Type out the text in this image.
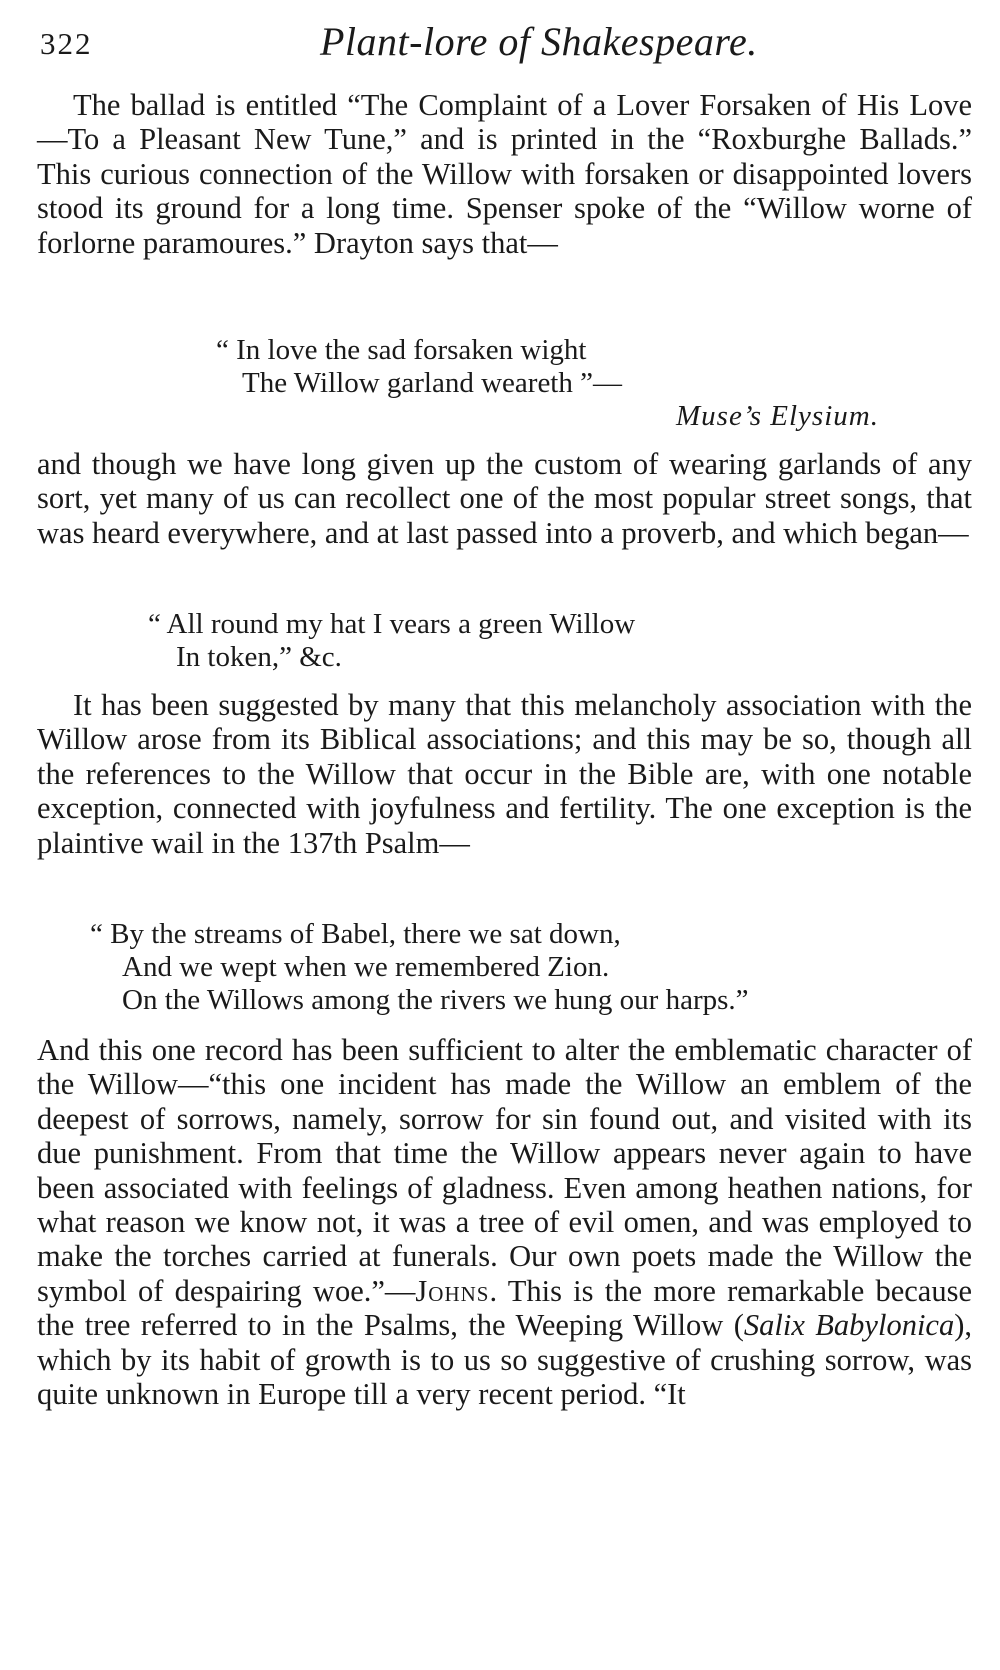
322	Plant-lore of Shakespeare.

The ballad is entitled “The Complaint of a Lover Forsaken of His Love—To a Pleasant New Tune,” and is printed in the “Roxburghe Ballads.” This curious connection of the Willow with forsaken or disappointed lovers stood its ground for a long time. Spenser spoke of the “Willow worne of forlorne paramoures.” Drayton says that—

“ In love the sad forsaken wight
The Willow garland weareth ”—
Muse’s Elysium.

and though we have long given up the custom of wearing garlands of any sort, yet many of us can recollect one of the most popular street songs, that was heard everywhere, and at last passed into a proverb, and which began—

“ All round my hat I vears a green Willow
In token,” &c.

It has been suggested by many that this melancholy association with the Willow arose from its Biblical associations; and this may be so, though all the references to the Willow that occur in the Bible are, with one notable exception, connected with joyfulness and fertility. The one exception is the plaintive wail in the 137th Psalm—

“ By the streams of Babel, there we sat down,
And we wept when we remembered Zion.
On the Willows among the rivers we hung our harps.”

And this one record has been sufficient to alter the emblematic character of the Willow—“this one incident has made the Willow an emblem of the deepest of sorrows, namely, sorrow for sin found out, and visited with its due punishment. From that time the Willow appears never again to have been associated with feelings of gladness. Even among heathen nations, for what reason we know not, it was a tree of evil omen, and was employed to make the torches carried at funerals. Our own poets made the Willow the symbol of despairing woe.”—Johns. This is the more remarkable because the tree referred to in the Psalms, the Weeping Willow (Salix Babylonica), which by its habit of growth is to us so suggestive of crushing sorrow, was quite unknown in Europe till a very recent period. “It
